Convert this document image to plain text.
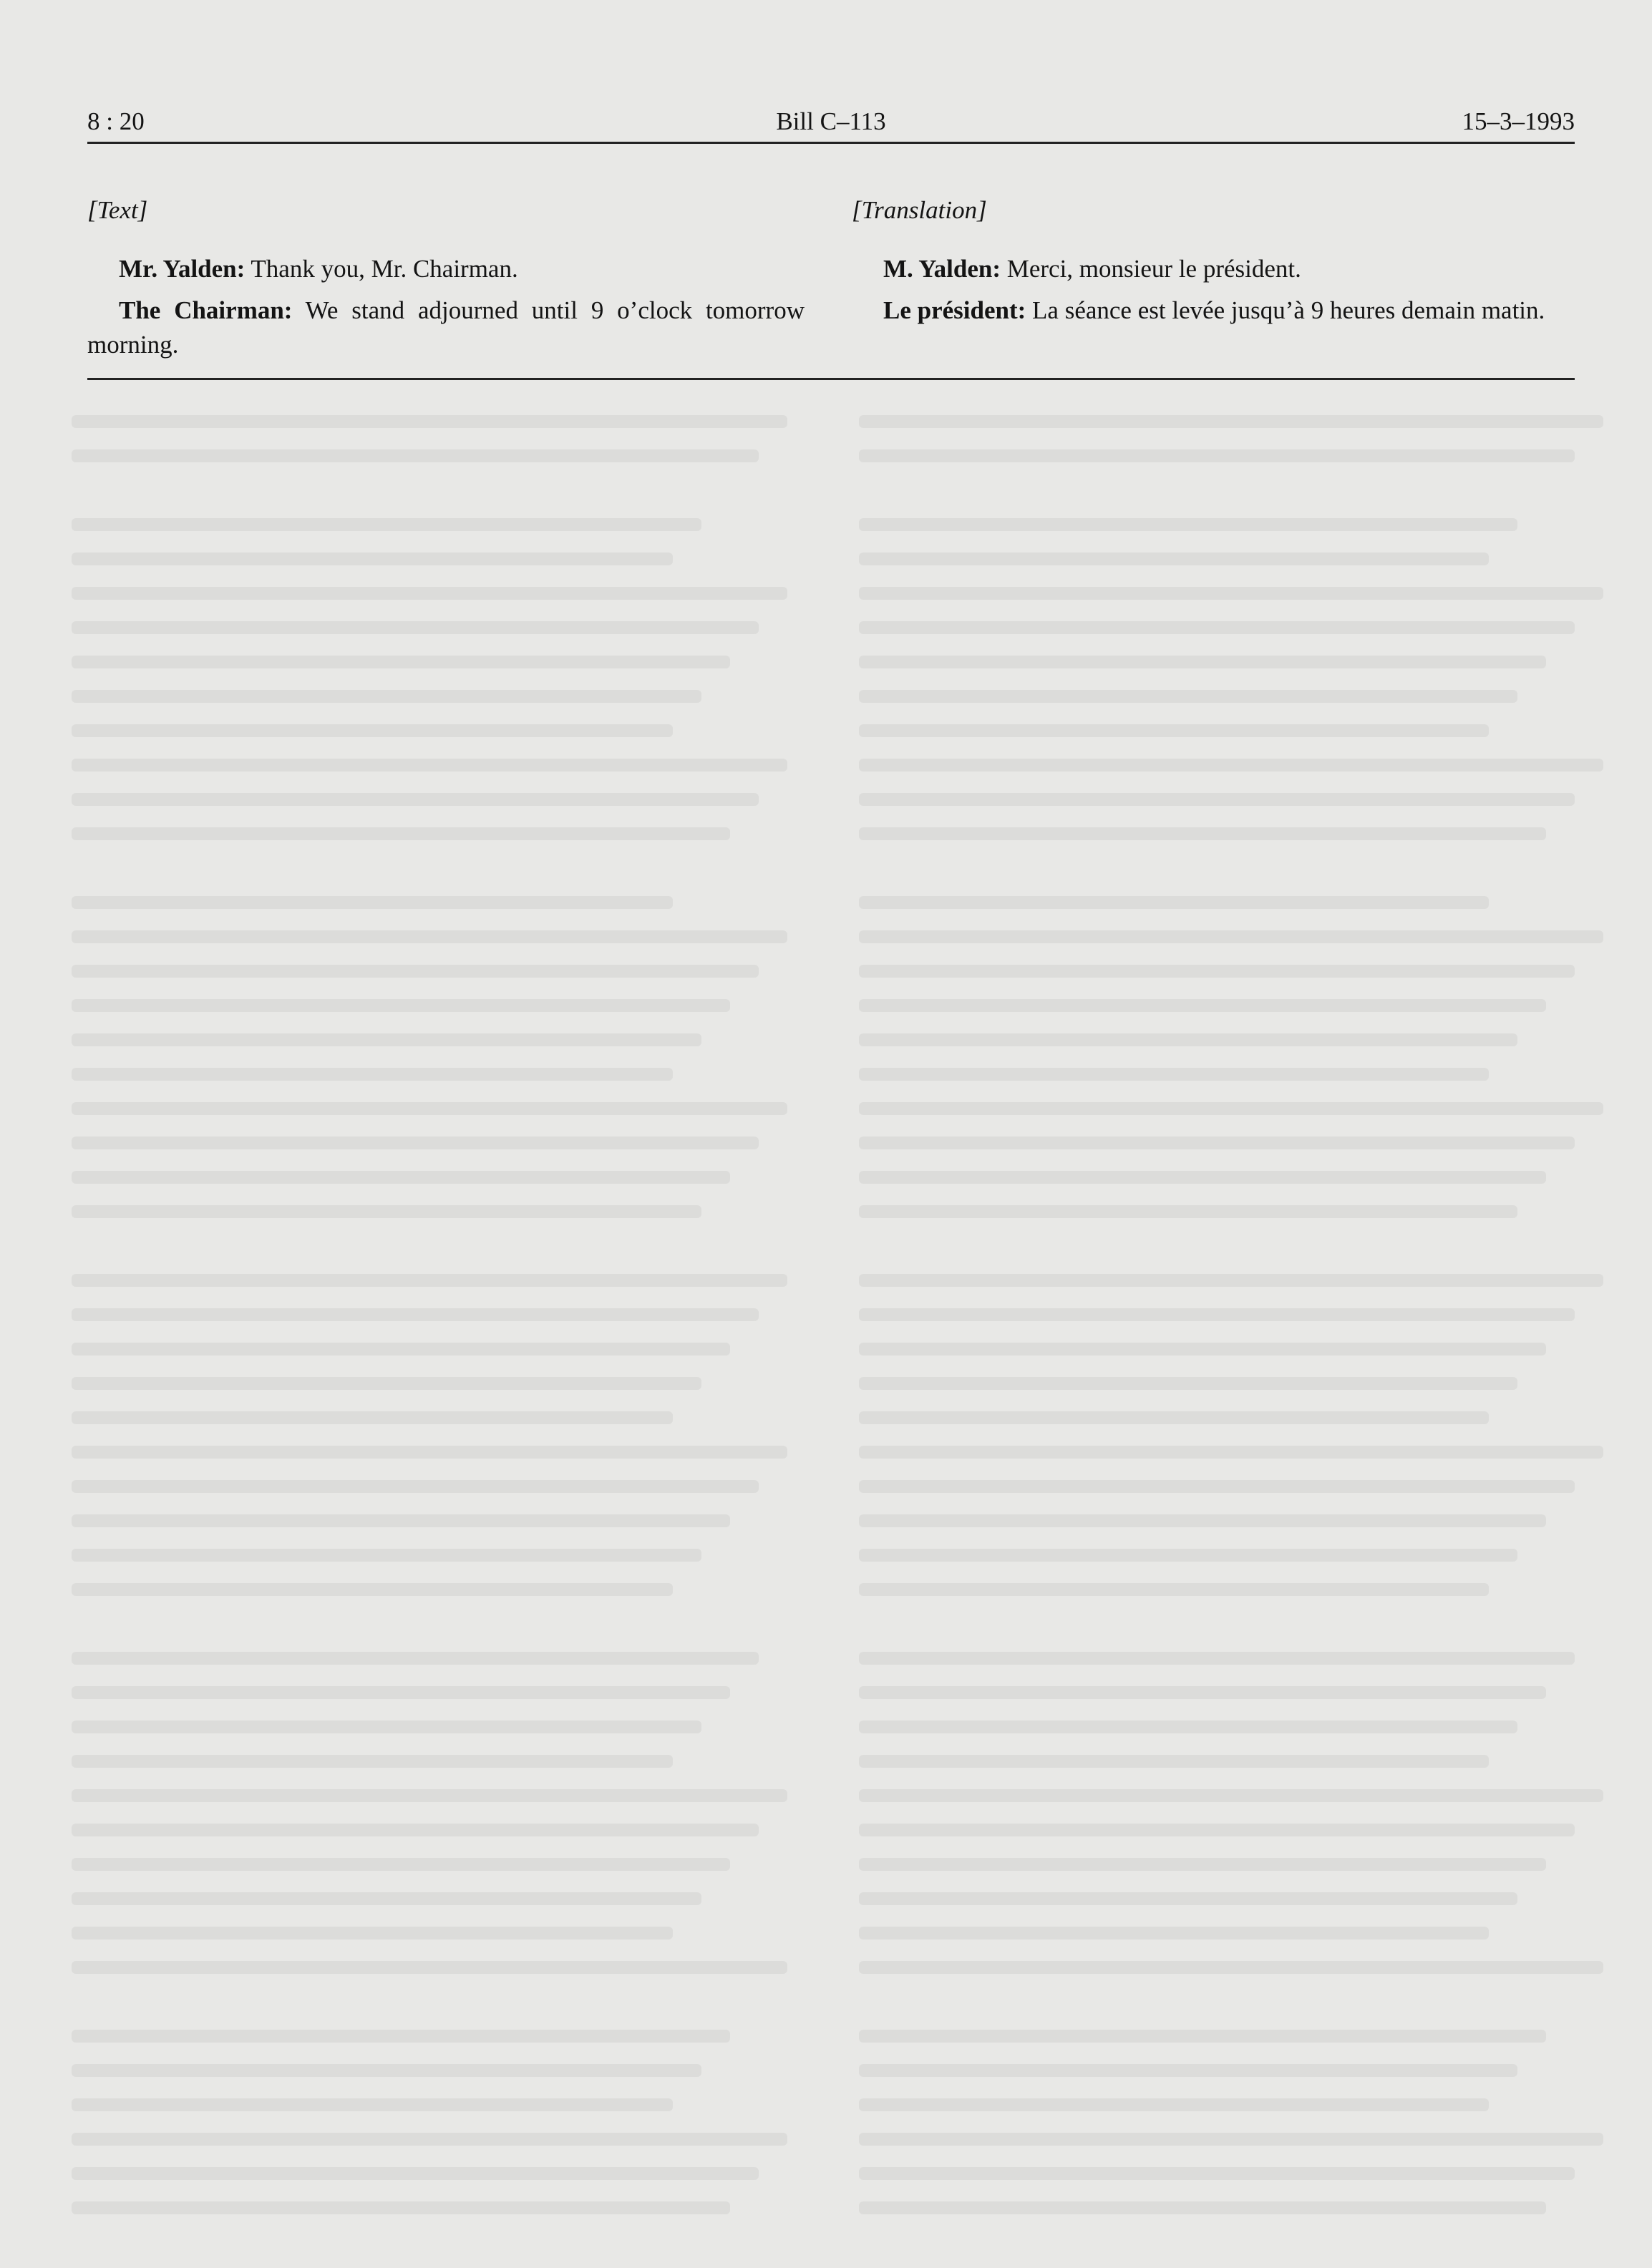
8 : 20	Bill C–113	15–3–1993
[Text]

Mr. Yalden: Thank you, Mr. Chairman.

The Chairman: We stand adjourned until 9 o’clock tomorrow morning.

[Translation]

M. Yalden: Merci, monsieur le président.

Le président: La séance est levée jusqu’à 9 heures demain matin.
